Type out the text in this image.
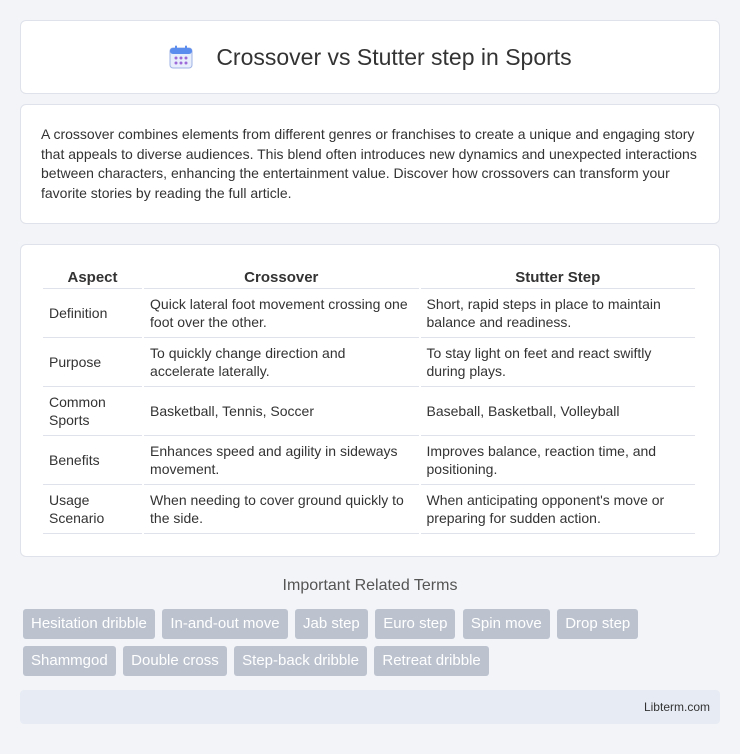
Crossover vs Stutter step in Sports

A crossover combines elements from different genres or franchises to create a unique and engaging story that appeals to diverse audiences. This blend often introduces new dynamics and unexpected interactions between characters, enhancing the entertainment value. Discover how crossovers can transform your favorite stories by reading the full article.

Aspect	Crossover	Stutter Step
Definition	Quick lateral foot movement crossing one foot over the other.	Short, rapid steps in place to maintain balance and readiness.
Purpose	To quickly change direction and accelerate laterally.	To stay light on feet and react swiftly during plays.
Common Sports	Basketball, Tennis, Soccer	Baseball, Basketball, Volleyball
Benefits	Enhances speed and agility in sideways movement.	Improves balance, reaction time, and positioning.
Usage Scenario	When needing to cover ground quickly to the side.	When anticipating opponent's move or preparing for sudden action.
Important Related Terms
Hesitation dribble In-and-out move Jab step Euro step Spin move Drop step Shammgod Double cross Step-back dribble Retreat dribble
Libterm.com
